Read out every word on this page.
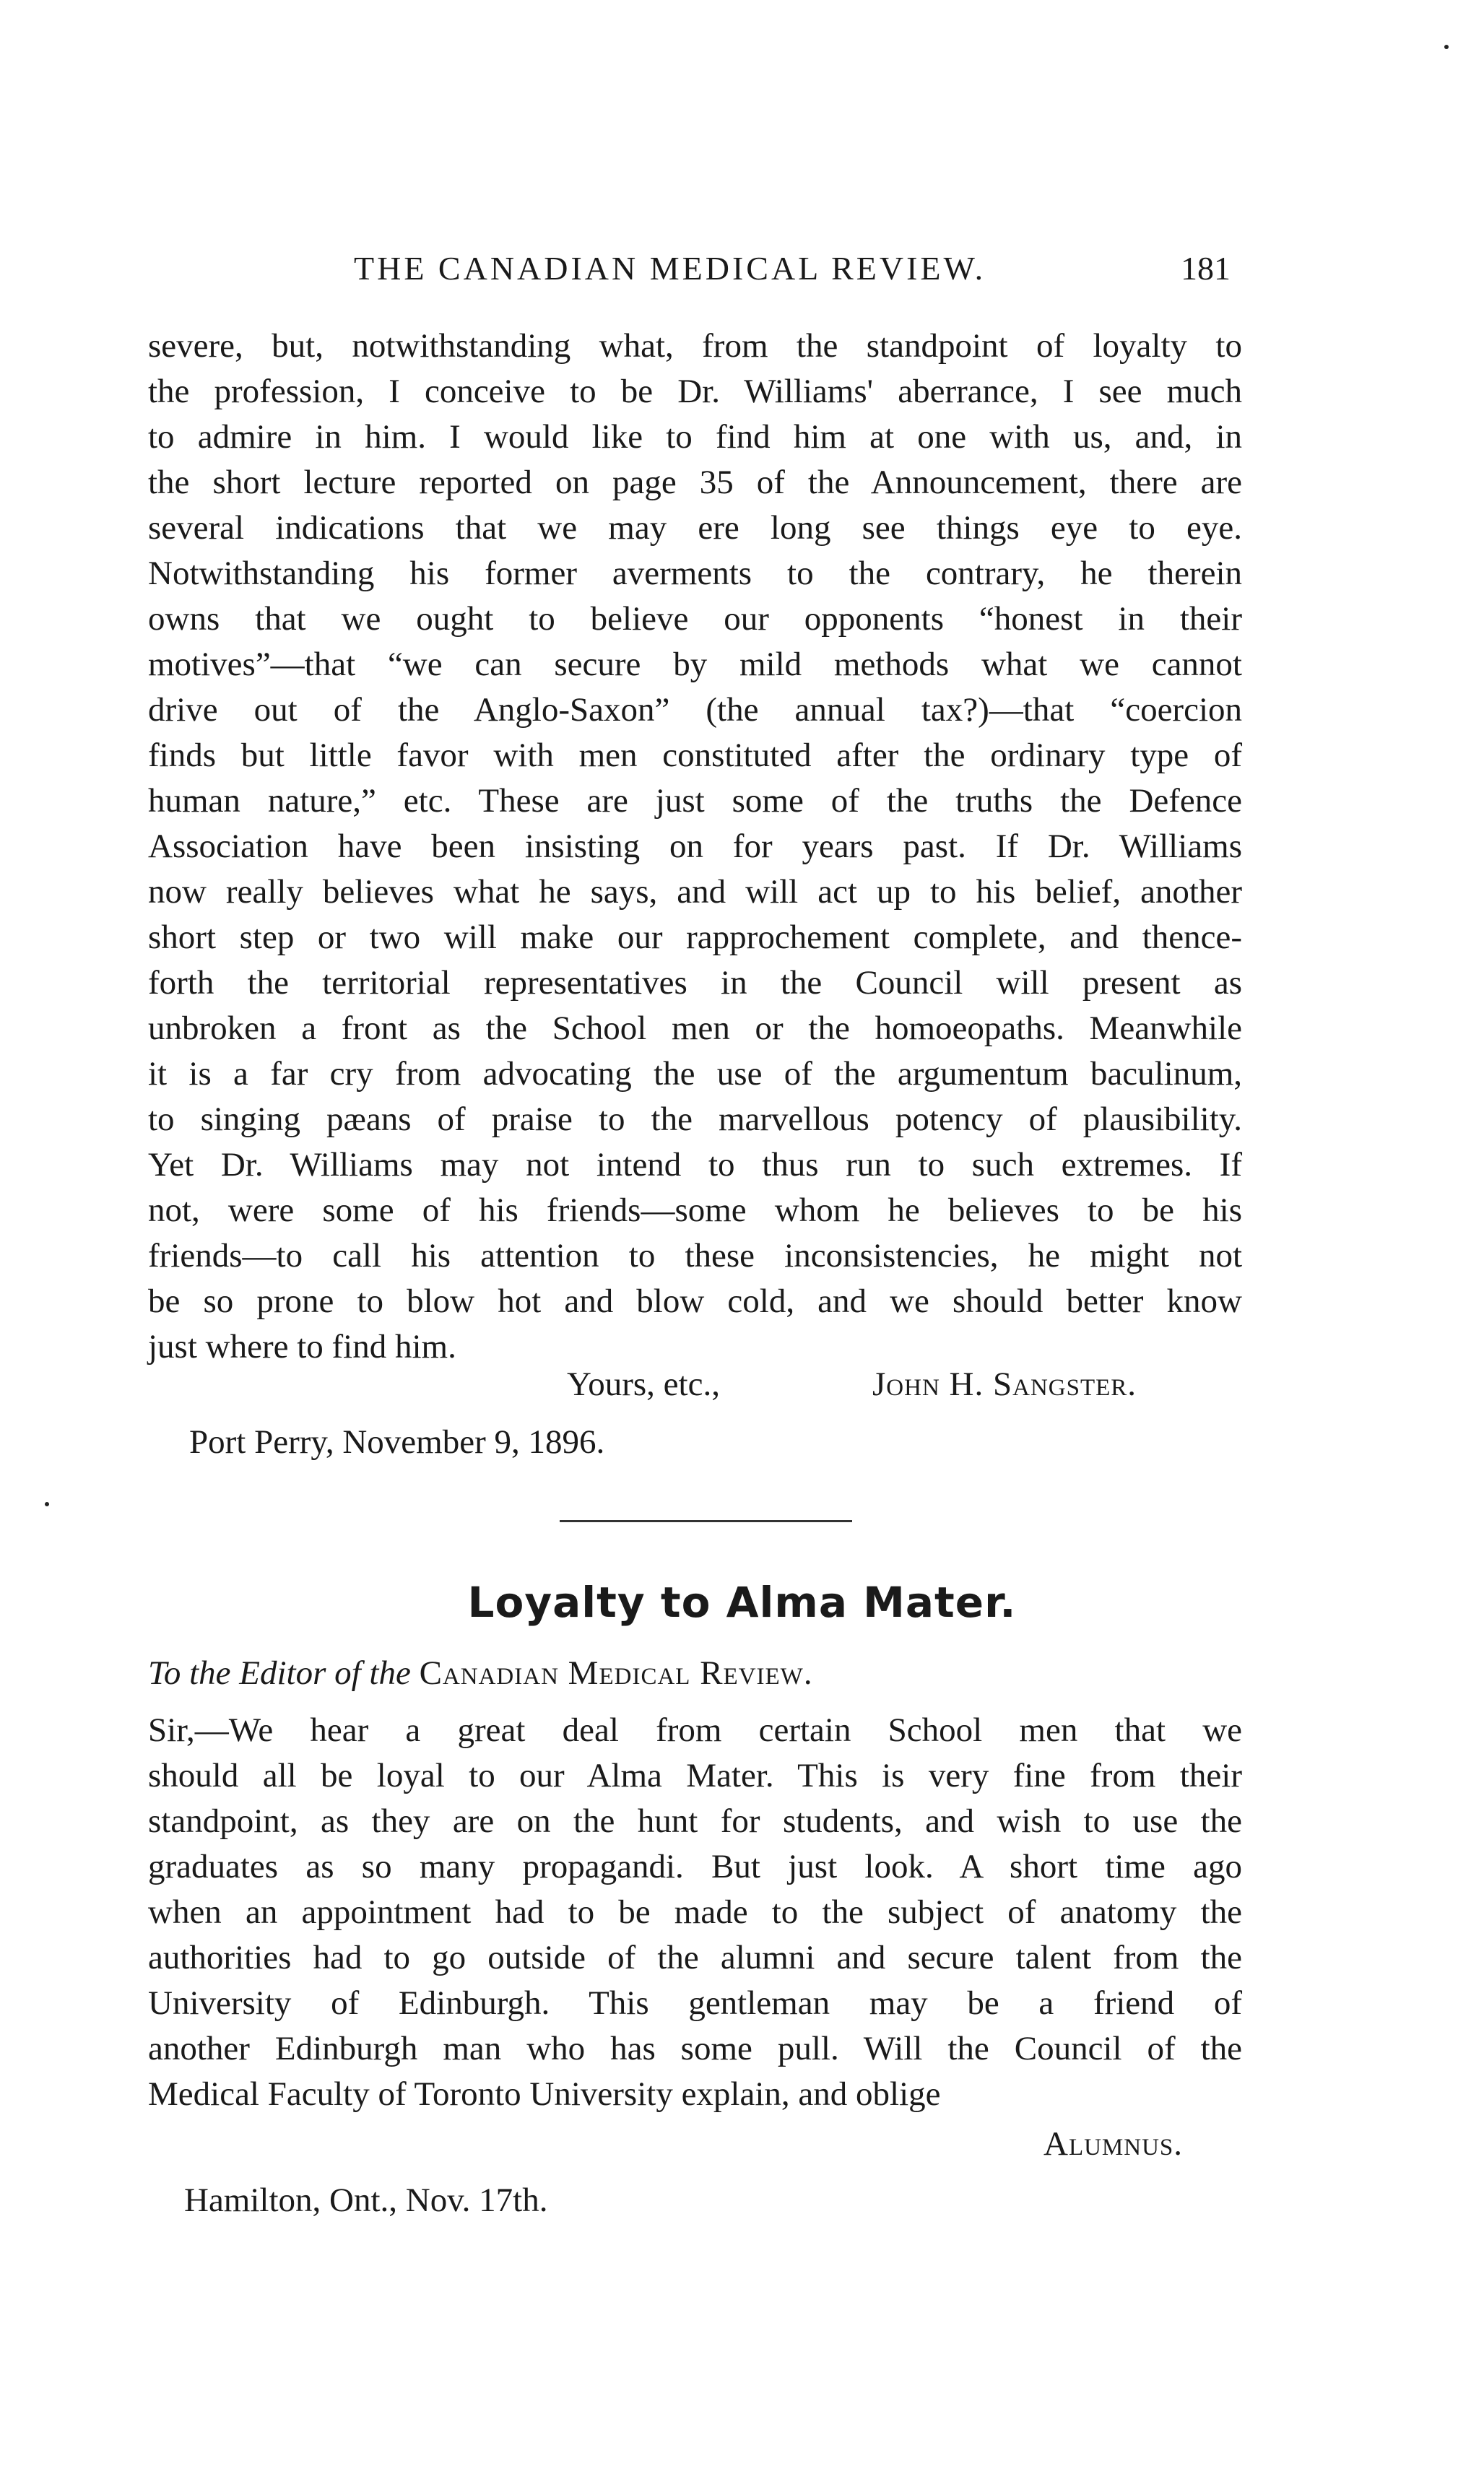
THE CANADIAN MEDICAL REVIEW.	181
severe, but, notwithstanding what, from the standpoint of loyalty to
the profession, I conceive to be Dr. Williams' aberrance, I see much
to admire in him. I would like to find him at one with us, and, in
the short lecture reported on page 35 of the Announcement, there are
several indications that we may ere long see things eye to eye.
Notwithstanding his former averments to the contrary, he therein
owns that we ought to believe our opponents “honest in their
motives”—that “we can secure by mild methods what we cannot
drive out of the Anglo-Saxon” (the annual tax?)—that “coercion
finds but little favor with men constituted after the ordinary type of
human nature,” etc. These are just some of the truths the Defence
Association have been insisting on for years past. If Dr. Williams
now really believes what he says, and will act up to his belief, another
short step or two will make our rapprochement complete, and thence-
forth the territorial representatives in the Council will present as
unbroken a front as the School men or the homoeopaths. Meanwhile
it is a far cry from advocating the use of the argumentum baculinum,
to singing pæans of praise to the marvellous potency of plausibility.
Yet Dr. Williams may not intend to thus run to such extremes. If
not, were some of his friends—some whom he believes to be his
friends—to call his attention to these inconsistencies, he might not
be so prone to blow hot and blow cold, and we should better know
just where to find him.
Yours, etc.,	John H. Sangster.
Port Perry, November 9, 1896.
Loyalty to Alma Mater.
To the Editor of the Canadian Medical Review.
Sir,—We hear a great deal from certain School men that we
should all be loyal to our Alma Mater. This is very fine from their
standpoint, as they are on the hunt for students, and wish to use the
graduates as so many propagandi. But just look. A short time ago
when an appointment had to be made to the subject of anatomy the
authorities had to go outside of the alumni and secure talent from the
University of Edinburgh. This gentleman may be a friend of
another Edinburgh man who has some pull. Will the Council of the
Medical Faculty of Toronto University explain, and oblige
Alumnus.
Hamilton, Ont., Nov. 17th.
